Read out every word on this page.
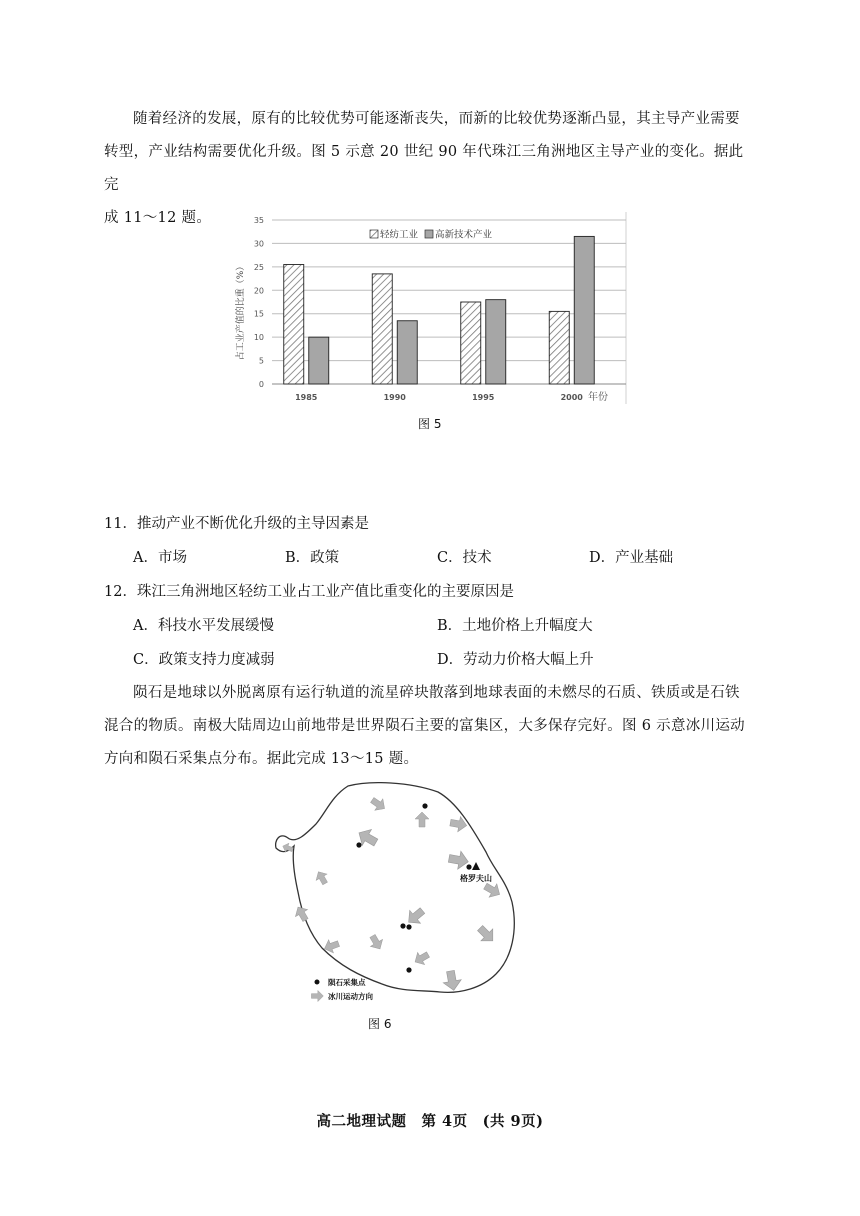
随着经济的发展，原有的比较优势可能逐渐丧失，而新的比较优势逐渐凸显，其主导产业需要
转型，产业结构需要优化升级。图 5 示意 20 世纪 90 年代珠江三角洲地区主导产业的变化。据此完
成 11～12 题。
0
5
10
15
20
25
30
35
1985	1990	1995	2000
占工业产值的比重（%）
年份
轻纺工业 高新技术产业
图 5
11．推动产业不断优化升级的主导因素是
A．市场	B．政策	C．技术	D．产业基础
12．珠江三角洲地区轻纺工业占工业产值比重变化的主要原因是
A．科技水平发展缓慢	B．土地价格上升幅度大
C．政策支持力度减弱	D．劳动力价格大幅上升
陨石是地球以外脱离原有运行轨道的流星碎块散落到地球表面的未燃尽的石质、铁质或是石铁
混合的物质。南极大陆周边山前地带是世界陨石主要的富集区，大多保存完好。图 6 示意冰川运动
方向和陨石采集点分布。据此完成 13～15 题。
格罗夫山
陨石采集点
冰川运动方向
图 6
高二地理试题　第 4页　(共 9页)
